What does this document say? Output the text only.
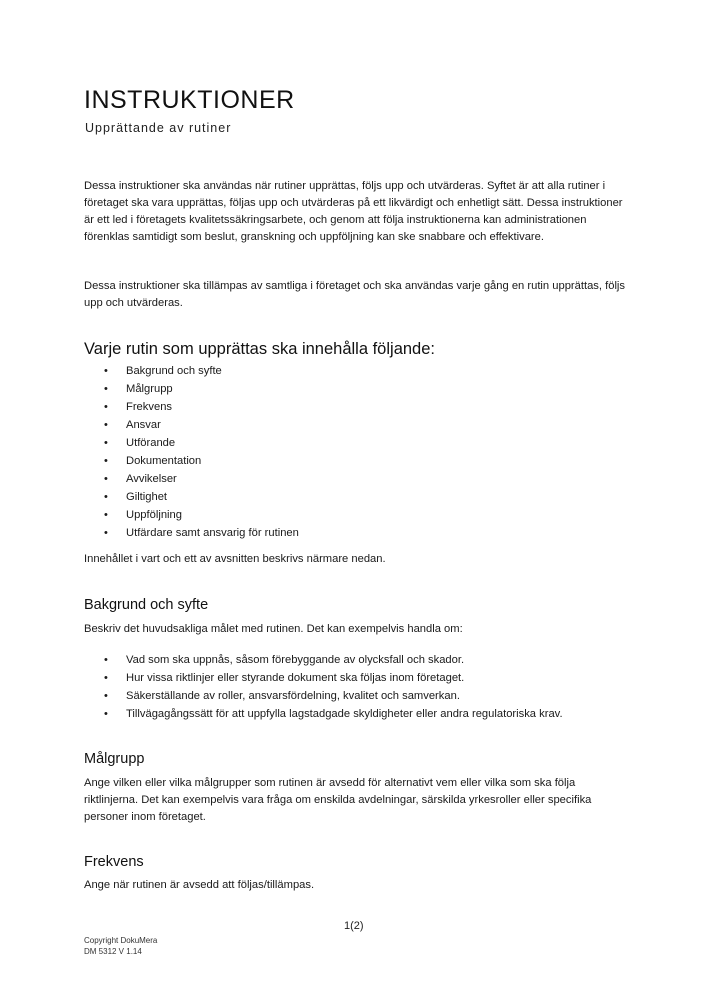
INSTRUKTIONER
Upprättande av rutiner
Dessa instruktioner ska användas när rutiner upprättas, följs upp och utvärderas. Syftet är att alla rutiner i företaget ska vara upprättas, följas upp och utvärderas på ett likvärdigt och enhetligt sätt. Dessa instruktioner är ett led i företagets kvalitetssäkringsarbete, och genom att följa instruktionerna kan administrationen förenklas samtidigt som beslut, granskning och uppföljning kan ske snabbare och effektivare.
Dessa instruktioner ska tillämpas av samtliga i företaget och ska användas varje gång en rutin upprättas, följs upp och utvärderas.
Varje rutin som upprättas ska innehålla följande:
• Bakgrund och syfte
• Målgrupp
• Frekvens
• Ansvar
• Utförande
• Dokumentation
• Avvikelser
• Giltighet
• Uppföljning
• Utfärdare samt ansvarig för rutinen
Innehållet i vart och ett av avsnitten beskrivs närmare nedan.
Bakgrund och syfte
Beskriv det huvudsakliga målet med rutinen. Det kan exempelvis handla om:
• Vad som ska uppnås, såsom förebyggande av olycksfall och skador.
• Hur vissa riktlinjer eller styrande dokument ska följas inom företaget.
• Säkerställande av roller, ansvarsfördelning, kvalitet och samverkan.
• Tillvägagångssätt för att uppfylla lagstadgade skyldigheter eller andra regulatoriska krav.
Målgrupp
Ange vilken eller vilka målgrupper som rutinen är avsedd för alternativt vem eller vilka som ska följa riktlinjerna. Det kan exempelvis vara fråga om enskilda avdelningar, särskilda yrkesroller eller specifika personer inom företaget.
Frekvens
Ange när rutinen är avsedd att följas/tillämpas.
1(2)
Copyright DokuMera
DM 5312 V 1.14
